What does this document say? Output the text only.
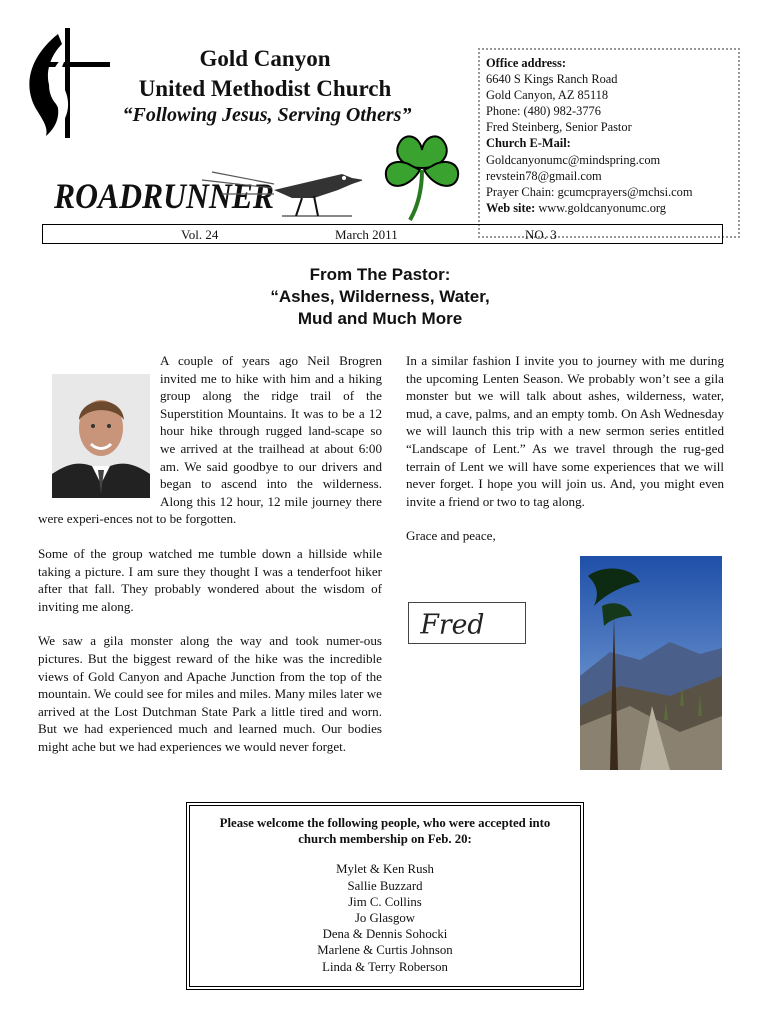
Gold Canyon
United Methodist Church
“Following Jesus, Serving Others”
ROADRUNNER
Office address:
6640 S Kings Ranch Road
Gold Canyon, AZ 85118
Phone: (480) 982-3776
Fred Steinberg, Senior Pastor
Church E-Mail:
Goldcanyonumc@mindspring.com
revstein78@gmail.com
Prayer Chain: gcumcprayers@mchsi.com
Web site: www.goldcanyonumc.org
Vol. 24	March 2011	NO. 3
From The Pastor:
“Ashes, Wilderness, Water,
Mud and Much More

A couple of years ago Neil Brogren invited me to hike with him and a hiking group along the ridge trail of the Superstition Mountains. It was to be a 12 hour hike through rugged land-scape so we arrived at the trailhead at about 6:00 am. We said goodbye to our drivers and began to ascend into the wilderness. Along this 12 hour, 12 mile journey there were experi-ences not to be forgotten.

Some of the group watched me tumble down a hillside while taking a picture. I am sure they thought I was a tenderfoot hiker after that fall. They probably wondered about the wisdom of inviting me along.

We saw a gila monster along the way and took numer-ous pictures. But the biggest reward of the hike was the incredible views of Gold Canyon and Apache Junction from the top of the mountain. We could see for miles and miles. Many miles later we arrived at the Lost Dutchman State Park a little tired and worn. But we had experienced much and learned much. Our bodies might ache but we had experiences we would never forget.

In a similar fashion I invite you to journey with me during the upcoming Lenten Season. We probably won’t see a gila monster but we will talk about ashes, wilderness, water, mud, a cave, palms, and an empty tomb. On Ash Wednesday we will launch this trip with a new sermon series entitled “Landscape of Lent.” As we travel through the rug-ged terrain of Lent we will have some experiences that we will never forget. I hope you will join us. And, you might even invite a friend or two to tag along.

Grace and peace,

Fred
Please welcome the following people, who were accepted into church membership on Feb. 20:
Mylet & Ken Rush
Sallie Buzzard
Jim C. Collins
Jo Glasgow
Dena & Dennis Sohocki
Marlene & Curtis Johnson
Linda & Terry Roberson
